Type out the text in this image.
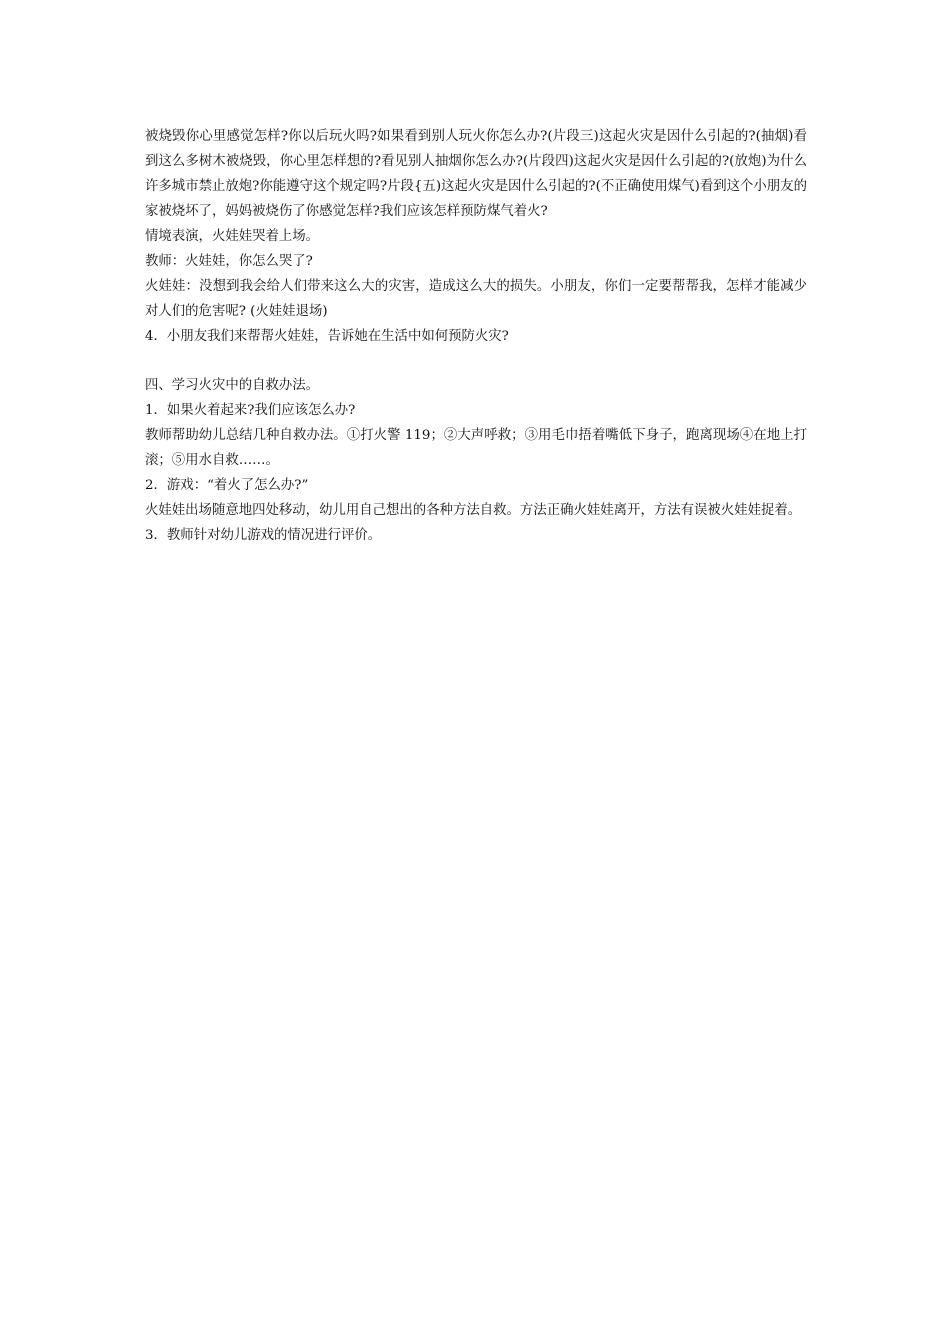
被烧毁你心里感觉怎样?你以后玩火吗?如果看到别人玩火你怎么办?(片段三)这起火灾是因什么引起的?(抽烟)看到这么多树木被烧毁，你心里怎样想的?看见别人抽烟你怎么办?(片段四)这起火灾是因什么引起的?(放炮)为什么许多城市禁止放炮?你能遵守这个规定吗?片段{五)这起火灾是因什么引起的?(不正确使用煤气)看到这个小朋友的家被烧坏了，妈妈被烧伤了你感觉怎样?我们应该怎样预防煤气着火?

情境表演，火娃娃哭着上场。

教师：火娃娃，你怎么哭了?

火娃娃：没想到我会给人们带来这么大的灾害，造成这么大的损失。小朋友，你们一定要帮帮我，怎样才能减少对人们的危害呢? (火娃娃退场)

4．小朋友我们来帮帮火娃娃，告诉她在生活中如何预防火灾?

四、学习火灾中的自救办法。

1．如果火着起来?我们应该怎么办?

教师帮助幼儿总结几种自救办法。①打火警 119；②大声呼救；③用毛巾捂着嘴低下身子，跑离现场④在地上打滚；⑤用水自救……。

2．游戏：“着火了怎么办?”

火娃娃出场随意地四处移动，幼儿用自己想出的各种方法自救。方法正确火娃娃离开，方法有误被火娃娃捉着。

3．教师针对幼儿游戏的情况进行评价。
